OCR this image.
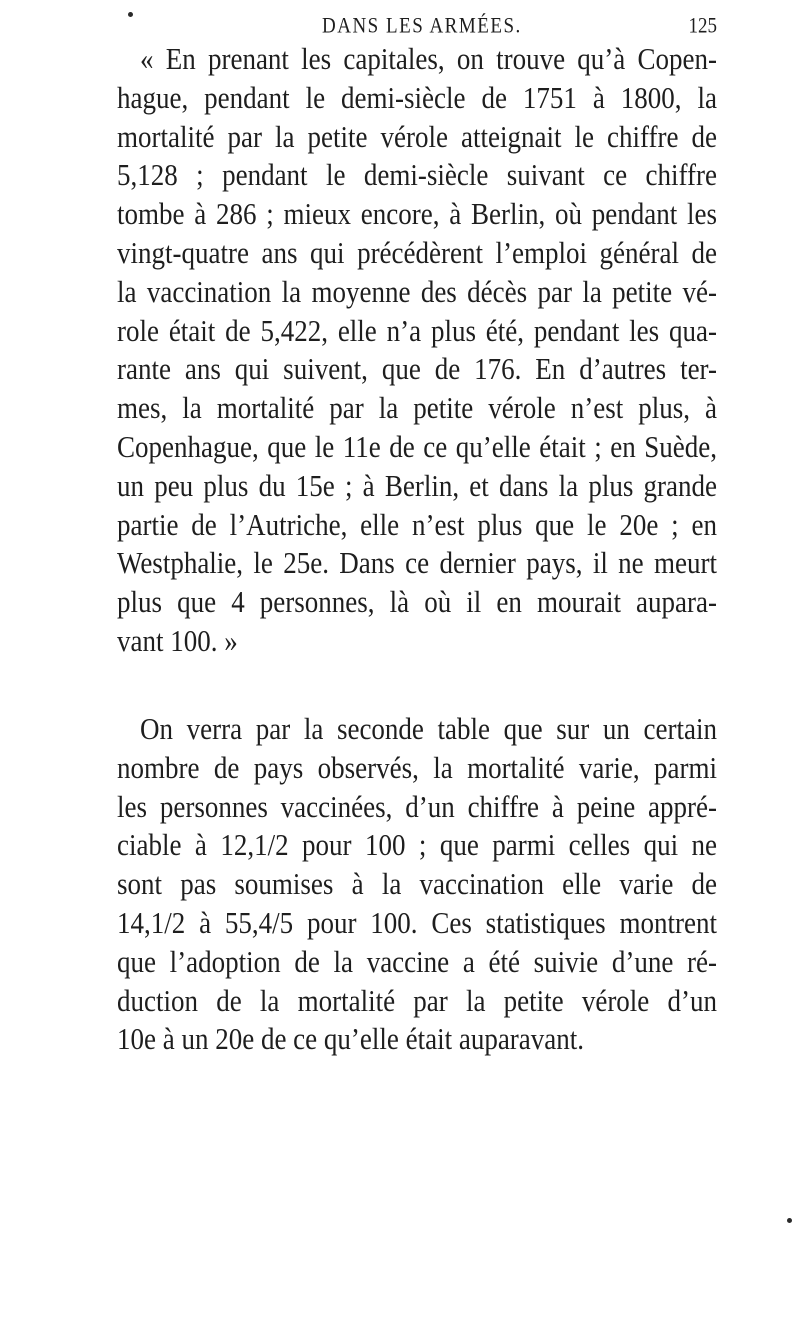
DANS LES ARMÉES.	125
« En prenant les capitales, on trouve qu’à Copen-
hague, pendant le demi-siècle de 1751 à 1800, la
mortalité par la petite vérole atteignait le chiffre de
5,128 ; pendant le demi-siècle suivant ce chiffre
tombe à 286 ; mieux encore, à Berlin, où pendant les
vingt-quatre ans qui précédèrent l’emploi général de
la vaccination la moyenne des décès par la petite vé-
role était de 5,422, elle n’a plus été, pendant les qua-
rante ans qui suivent, que de 176. En d’autres ter-
mes, la mortalité par la petite vérole n’est plus, à
Copenhague, que le 11e de ce qu’elle était ; en Suède,
un peu plus du 15e ; à Berlin, et dans la plus grande
partie de l’Autriche, elle n’est plus que le 20e ; en
Westphalie, le 25e. Dans ce dernier pays, il ne meurt
plus que 4 personnes, là où il en mourait aupara-
vant 100. »
On verra par la seconde table que sur un certain
nombre de pays observés, la mortalité varie, parmi
les personnes vaccinées, d’un chiffre à peine appré-
ciable à 12,1/2 pour 100 ; que parmi celles qui ne
sont pas soumises à la vaccination elle varie de
14,1/2 à 55,4/5 pour 100. Ces statistiques montrent
que l’adoption de la vaccine a été suivie d’une ré-
duction de la mortalité par la petite vérole d’un
10e à un 20e de ce qu’elle était auparavant.
